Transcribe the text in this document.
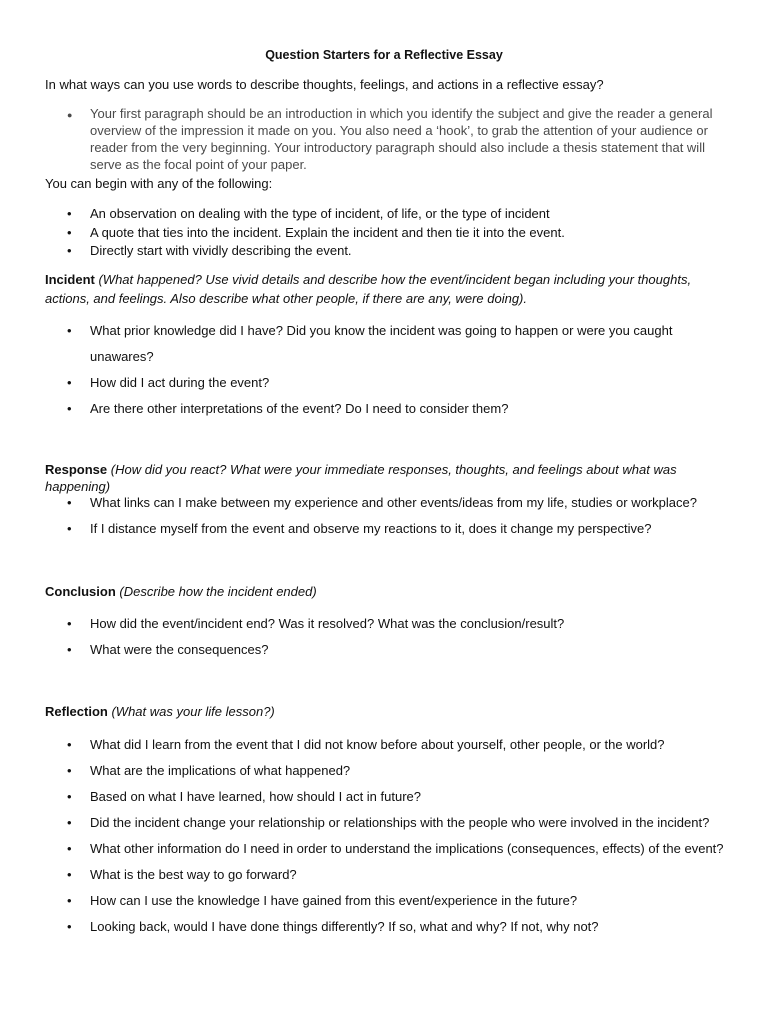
Question Starters for a Reflective Essay
In what ways can you use words to describe thoughts, feelings, and actions in a reflective essay?
● Your first paragraph should be an introduction in which you identify the subject and give the reader a general overview of the impression it made on you. You also need a ‘hook’, to grab the attention of your audience or reader from the very beginning. Your introductory paragraph should also include a thesis statement that will serve as the focal point of your paper.
You can begin with any of the following:
• An observation on dealing with the type of incident, of life, or the type of incident
• A quote that ties into the incident. Explain the incident and then tie it into the event.
• Directly start with vividly describing the event.
Incident (What happened? Use vivid details and describe how the event/incident began including your thoughts, actions, and feelings. Also describe what other people, if there are any, were doing).
• What prior knowledge did I have? Did you know the incident was going to happen or were you caught unawares?
• How did I act during the event?
• Are there other interpretations of the event? Do I need to consider them?
Response (How did you react? What were your immediate responses, thoughts, and feelings about what was happening)
• What links can I make between my experience and other events/ideas from my life, studies or workplace?
• If I distance myself from the event and observe my reactions to it, does it change my perspective?
Conclusion (Describe how the incident ended)
• How did the event/incident end? Was it resolved? What was the conclusion/result?
• What were the consequences?
Reflection (What was your life lesson?)
• What did I learn from the event that I did not know before about yourself, other people, or the world?
• What are the implications of what happened?
• Based on what I have learned, how should I act in future?
• Did the incident change your relationship or relationships with the people who were involved in the incident?
• What other information do I need in order to understand the implications (consequences, effects) of the event?
• What is the best way to go forward?
• How can I use the knowledge I have gained from this event/experience in the future?
• Looking back, would I have done things differently? If so, what and why? If not, why not?
